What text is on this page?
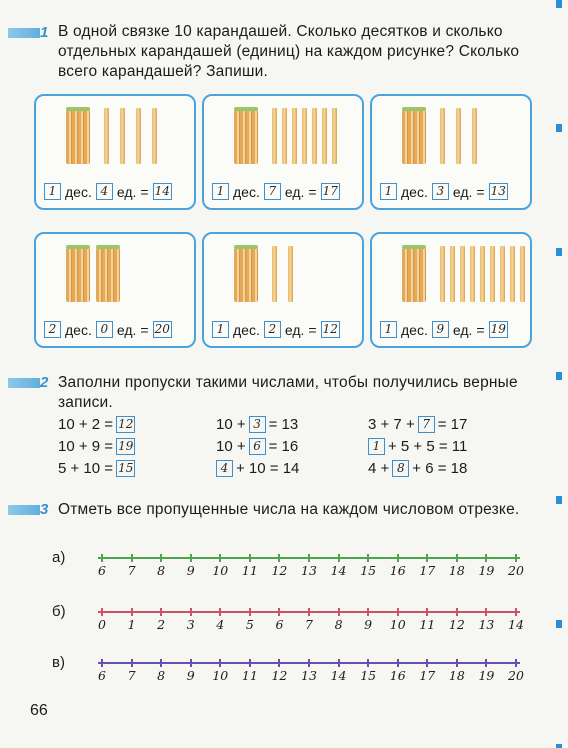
1 В одной связке 10 карандашей. Сколько десятков и сколько отдельных карандашей (единиц) на каждом рисунке? Сколько всего карандашей? Запиши.
1 дес. 4 ед. = 14	1 дес. 7 ед. = 17	1 дес. 3 ед. = 13
2 дес. 0 ед. = 20	1 дес. 2 ед. = 12	1 дес. 9 ед. = 19
2 Заполни пропуски такими числами, чтобы получились верные записи.
10 + 2 = 12	10 + 3 = 13	3 + 7 + 7 = 17
10 + 9 = 19	10 + 6 = 16	1 + 5 + 5 = 11
5 + 10 = 15	4 + 10 = 14	4 + 8 + 6 = 18
3 Отметь все пропущенные числа на каждом числовом отрезке.
а)
6 7 8 9 10 11 12 13 14 15 16 17 18 19 20
б)
0 1 2 3 4 5 6 7 8 9 10 11 12 13 14
в)
6 7 8 9 10 11 12 13 14 15 16 17 18 19 20
66
